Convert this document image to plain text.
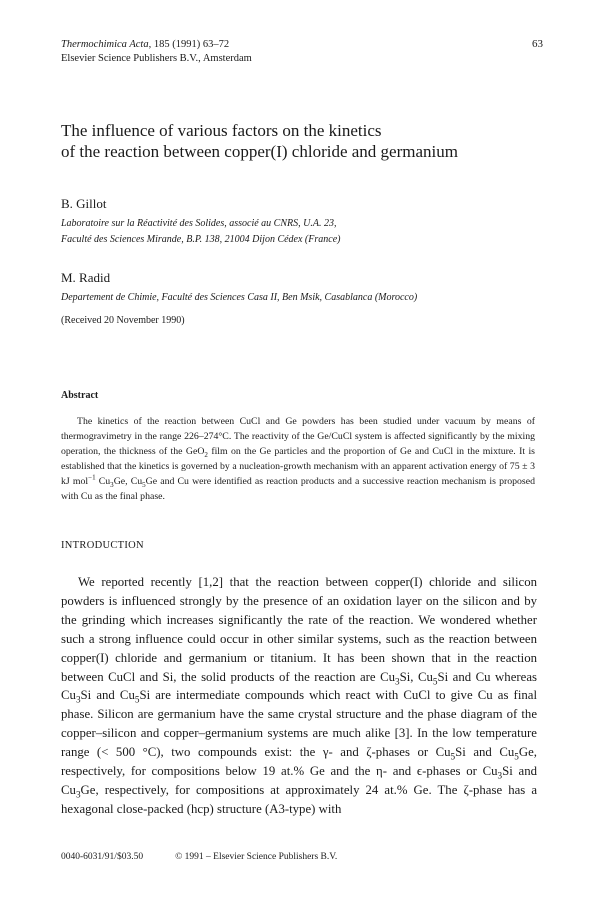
Thermochimica Acta, 185 (1991) 63–72
Elsevier Science Publishers B.V., Amsterdam
63
The influence of various factors on the kinetics
of the reaction between copper(I) chloride and germanium
B. Gillot
Laboratoire sur la Réactivité des Solides, associé au CNRS, U.A. 23,
Faculté des Sciences Mirande, B.P. 138, 21004 Dijon Cédex (France)
M. Radid
Departement de Chimie, Faculté des Sciences Casa II, Ben Msik, Casablanca (Morocco)
(Received 20 November 1990)
Abstract
The kinetics of the reaction between CuCl and Ge powders has been studied under vacuum by means of thermogravimetry in the range 226–274°C. The reactivity of the Ge/CuCl system is affected significantly by the mixing operation, the thickness of the GeO$_2$ film on the Ge particles and the proportion of Ge and CuCl in the mixture. It is established that the kinetics is governed by a nucleation-growth mechanism with an apparent activation energy of 75 ± 3 kJ mol$^{-1}$ $Cu_3Ge$, $Cu_5Ge$ and Cu were identified as reaction products and a successive reaction mechanism is proposed with Cu as the final phase.
INTRODUCTION
We reported recently [1,2] that the reaction between copper(I) chloride and silicon powders is influenced strongly by the presence of an oxidation layer on the silicon and by the grinding which increases significantly the rate of the reaction. We wondered whether such a strong influence could occur in other similar systems, such as the reaction between copper(I) chloride and germanium or titanium. It has been shown that in the reaction between CuCl and Si, the solid products of the reaction are $Cu_3Si$, $Cu_5Si$ and Cu whereas $Cu_3Si$ and $Cu_5Si$ are intermediate compounds which react with CuCl to give Cu as final phase. Silicon are germanium have the same crystal structure and the phase diagram of the copper–silicon and copper–germanium systems are much alike [3]. In the low temperature range (< 500 °C), two compounds exist: the γ- and ζ-phases or $Cu_5Si$ and $Cu_5Ge$, respectively, for compositions below 19 at.% Ge and the η- and ϵ-phases or $Cu_3Si$ and $Cu_3Ge$, respectively, for compositions at approximately 24 at.% Ge. The ζ-phase has a hexagonal close-packed (hcp) structure (A3-type) with
0040-6031/91/$03.50	© 1991 – Elsevier Science Publishers B.V.
